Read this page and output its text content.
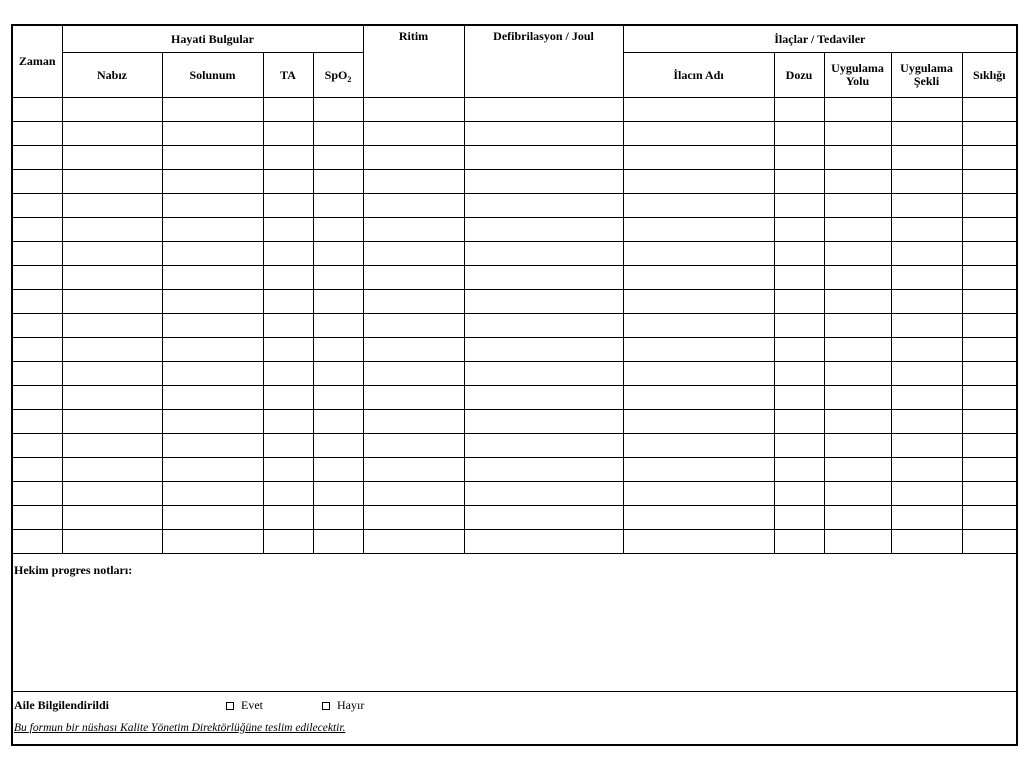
Zaman	Hayati Bulgular				Ritim	Defibrilasyon / Joul	İlaçlar / Tedaviler				
	Nabız	Solunum	TA	SpO$_2$			İlacın Adı	Dozu	Uygulama Yolu	Uygulama Şekli	Sıklığı

Hekim progres notları:
Aile Bilgilendirildi	Evet	Hayır
Bu formun bir nüshası Kalite Yönetim Direktörlüğüne teslim edilecektir.
